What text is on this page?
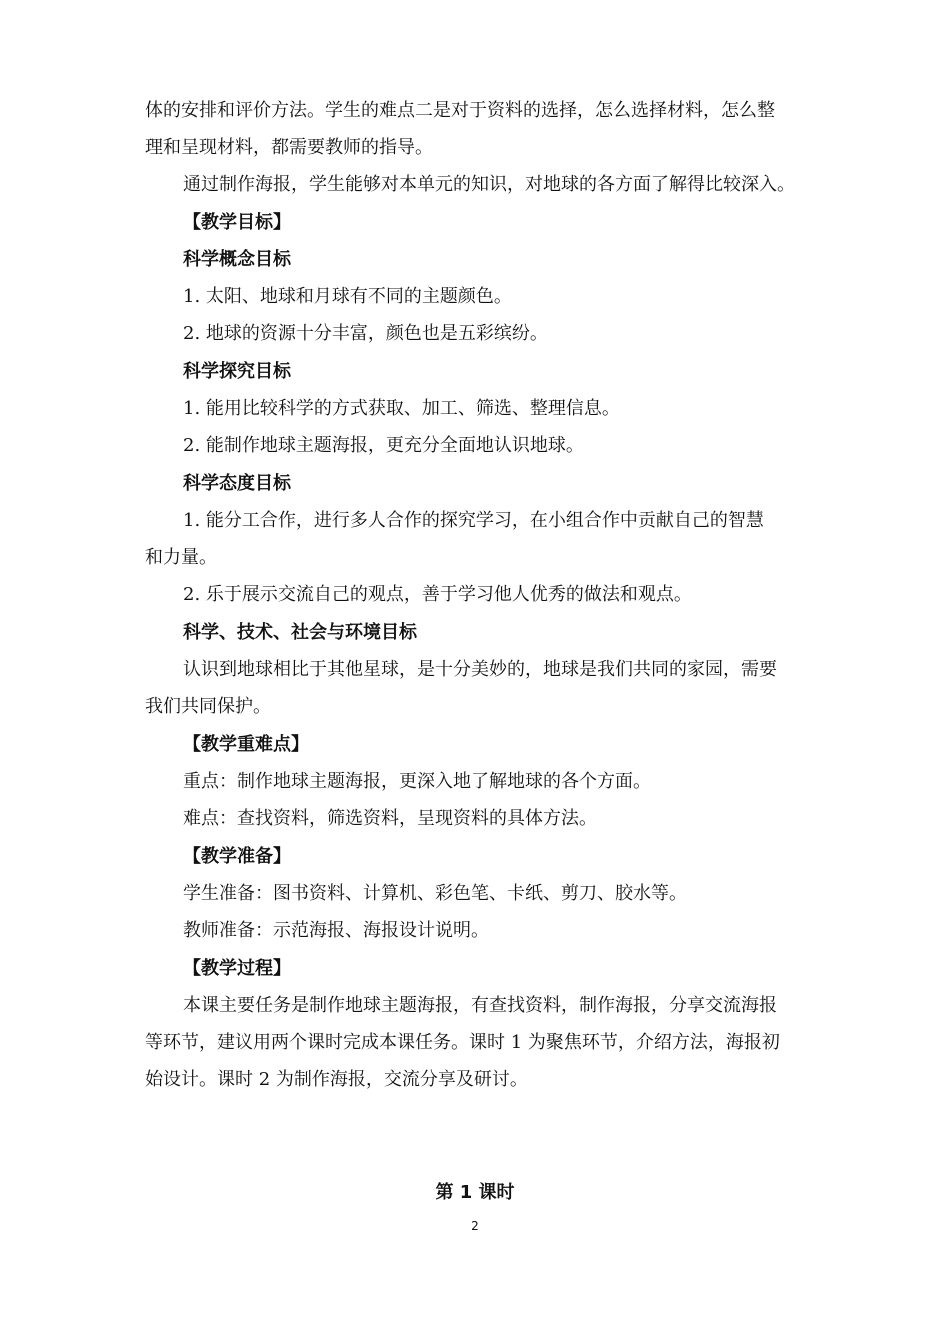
体的安排和评价方法。学生的难点二是对于资料的选择，怎么选择材料，怎么整
理和呈现材料，都需要教师的指导。
通过制作海报，学生能够对本单元的知识，对地球的各方面了解得比较深入。
【教学目标】
科学概念目标
1. 太阳、地球和月球有不同的主题颜色。
2. 地球的资源十分丰富，颜色也是五彩缤纷。
科学探究目标
1. 能用比较科学的方式获取、加工、筛选、整理信息。
2. 能制作地球主题海报，更充分全面地认识地球。
科学态度目标
1. 能分工合作，进行多人合作的探究学习，在小组合作中贡献自己的智慧
和力量。
2. 乐于展示交流自己的观点，善于学习他人优秀的做法和观点。
科学、技术、社会与环境目标
认识到地球相比于其他星球，是十分美妙的，地球是我们共同的家园，需要
我们共同保护。
【教学重难点】
重点：制作地球主题海报，更深入地了解地球的各个方面。
难点：查找资料，筛选资料，呈现资料的具体方法。
【教学准备】
学生准备：图书资料、计算机、彩色笔、卡纸、剪刀、胶水等。
教师准备：示范海报、海报设计说明。
【教学过程】
本课主要任务是制作地球主题海报，有查找资料，制作海报，分享交流海报
等环节，建议用两个课时完成本课任务。课时 1 为聚焦环节，介绍方法，海报初
始设计。课时 2 为制作海报，交流分享及研讨。
第 1 课时
2
